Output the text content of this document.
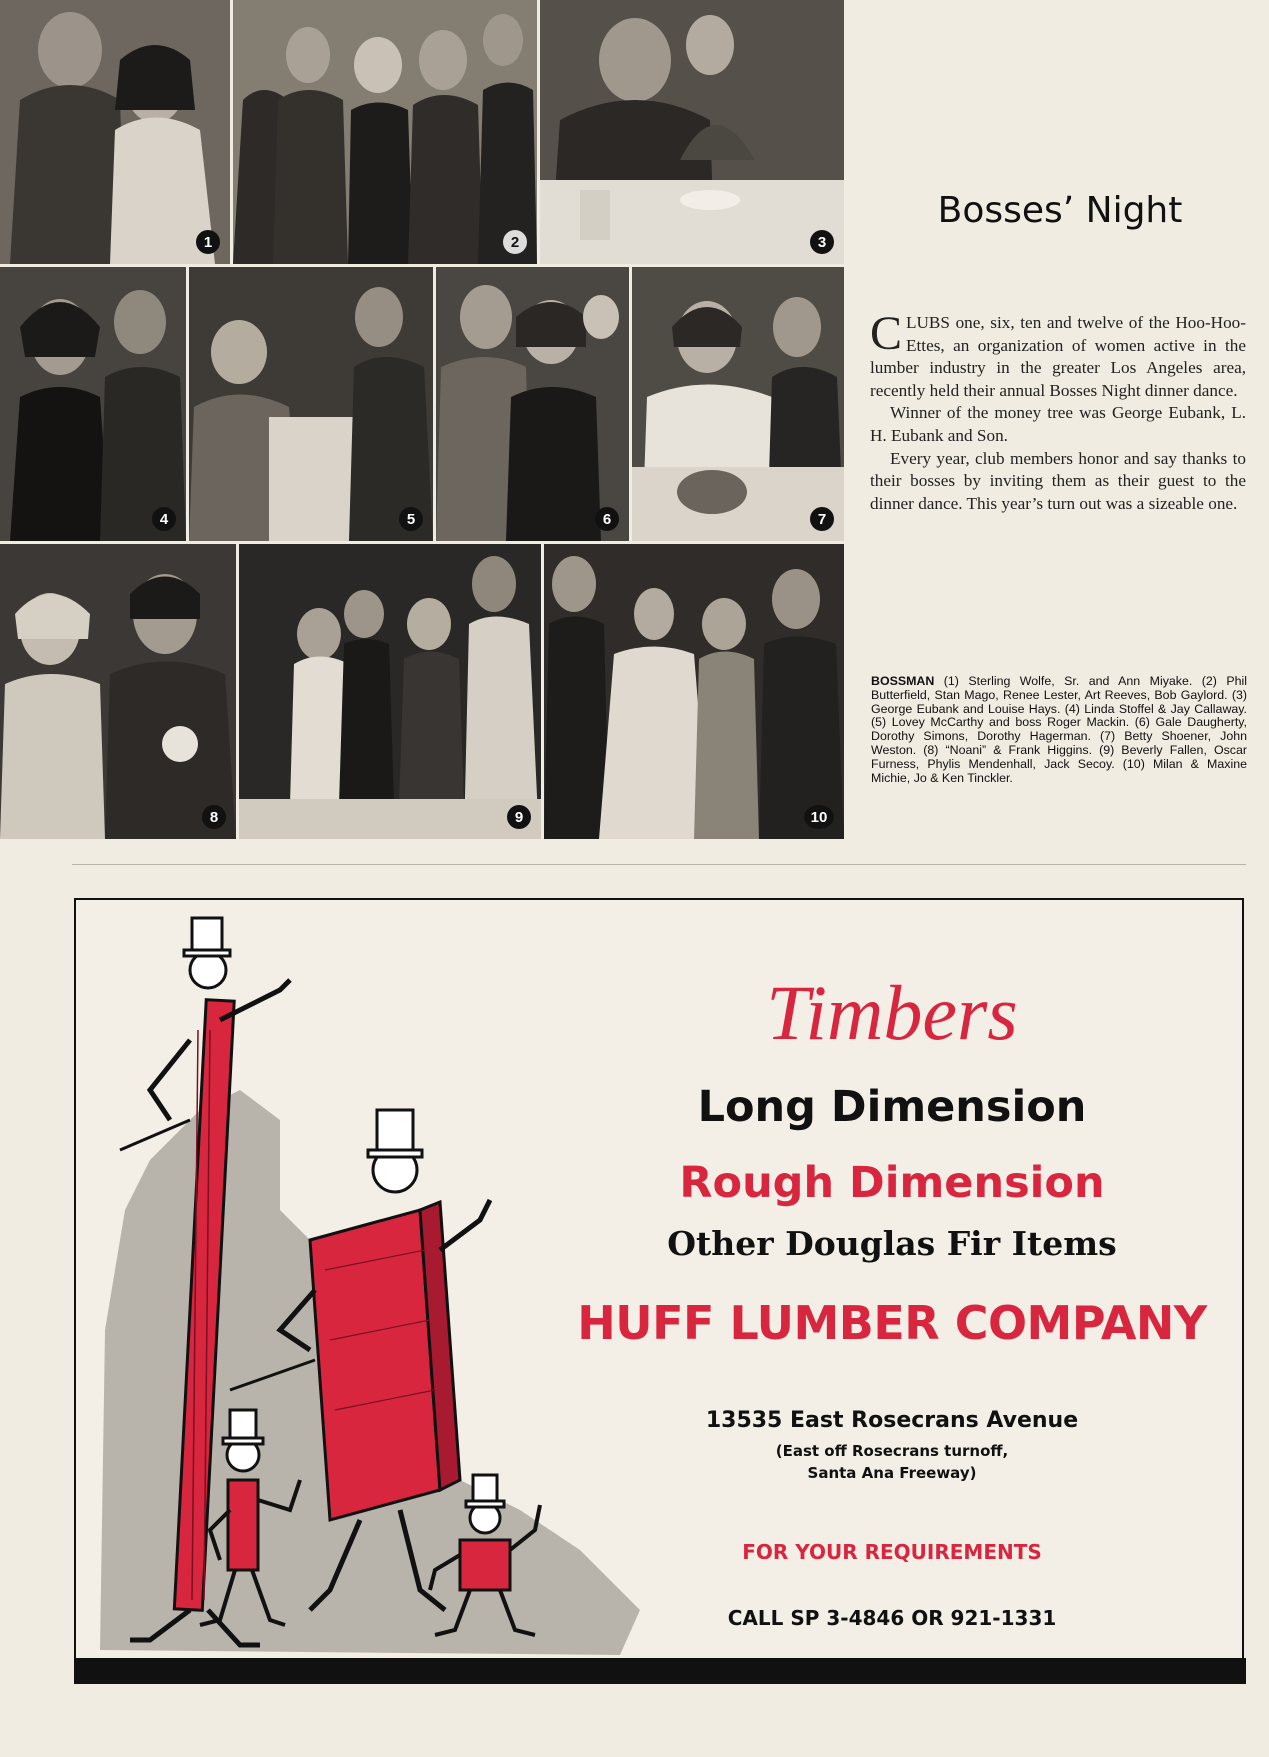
1	2	3
4	5	6	7
8	9	10
Bosses’ Night

CLUBS one, six, ten and twelve of the Hoo-Hoo-Ettes, an organization of women active in the lumber industry in the greater Los Angeles area, recently held their annual Bosses Night dinner dance.

Winner of the money tree was George Eubank, L. H. Eubank and Son.

Every year, club members honor and say thanks to their bosses by inviting them as their guest to the dinner dance. This year’s turn out was a sizeable one.

BOSSMAN (1) Sterling Wolfe, Sr. and Ann Miyake. (2) Phil Butterfield, Stan Mago, Renee Lester, Art Reeves, Bob Gaylord. (3) George Eubank and Louise Hays. (4) Linda Stoffel & Jay Callaway. (5) Lovey McCarthy and boss Roger Mackin. (6) Gale Daugherty, Dorothy Simons, Dorothy Hagerman. (7) Betty Shoener, John Weston. (8) “Noani” & Frank Higgins. (9) Beverly Fallen, Oscar Furness, Phylis Mendenhall, Jack Secoy. (10) Milan & Maxine Michie, Jo & Ken Tinckler.

Timbers
Long Dimension
Rough Dimension
Other Douglas Fir Items
HUFF LUMBER COMPANY
13535 East Rosecrans Avenue
(East off Rosecrans turnoff,
Santa Ana Freeway)
FOR YOUR REQUIREMENTS
CALL SP 3-4846 OR 921-1331
